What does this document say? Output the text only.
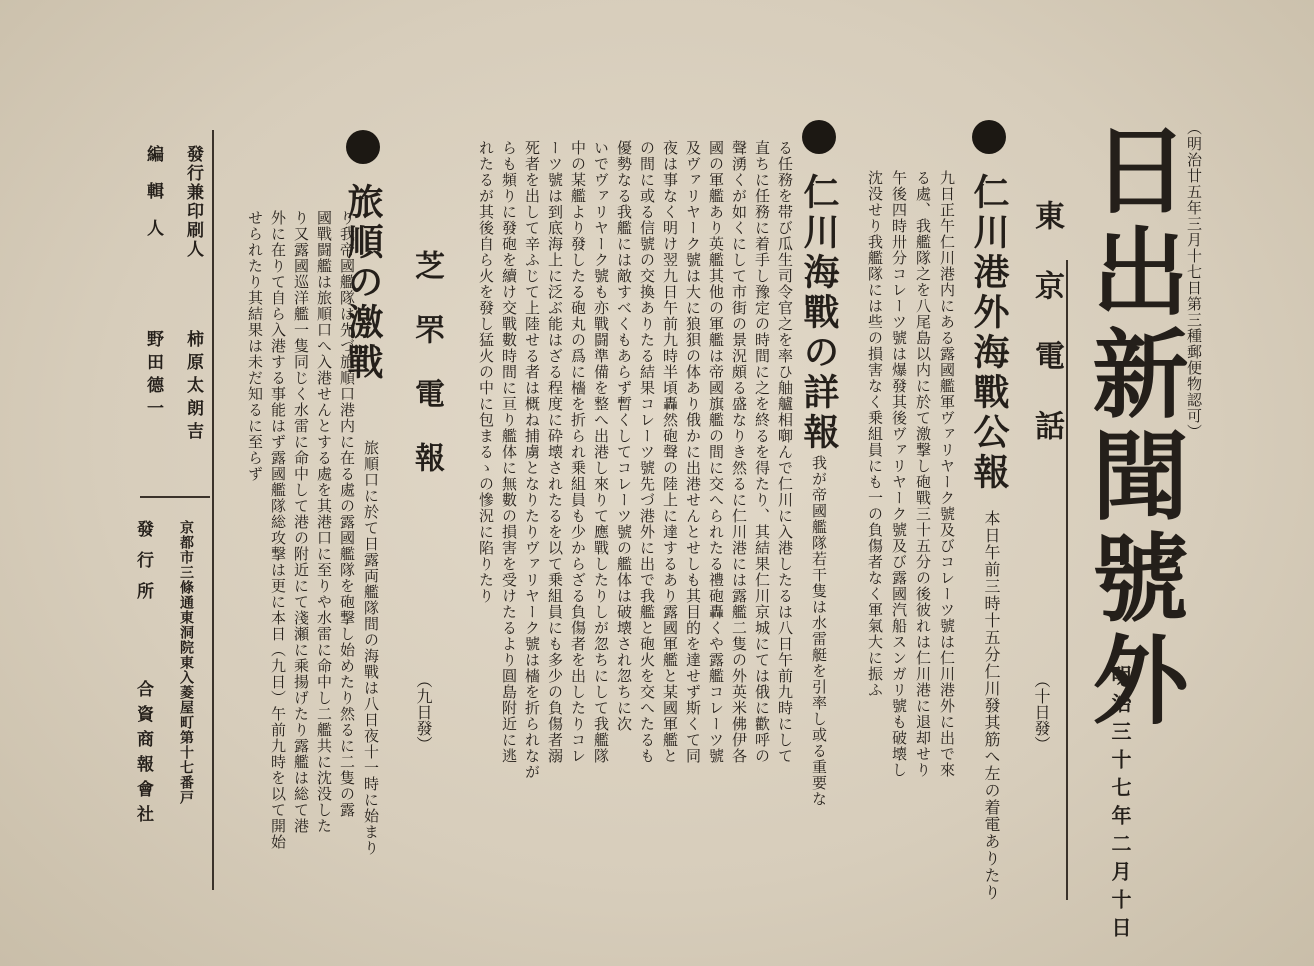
（明治廿五年三月十七日第三種郵便物認可）
日出新聞號外
明治三十七年二月十日
東京電話
（十日發）
仁川港外海戰公報
本日午前三時十五分仁川發其筋へ左の着電ありたり
九日正午仁川港内にある露國艦軍ヴァリヤーク號及びコレーツ號は仁川港外に出で來
る處、我艦隊之を八尾島以内に於て激撃し砲戰三十五分の後彼れは仁川港に退却せり
午後四時卅分コレーツ號は爆發其後ヴァリヤーク號及び露國汽船スンガリ號も破壊し
沈没せり我艦隊には些の損害なく乗組員にも一の負傷者なく軍氣大に振ふ
仁川海戰の詳報
我が帝國艦隊若干隻は水雷艇を引率し或る重要な
る任務を帯び瓜生司令官之を率ひ舳艫相啣んで仁川に入港したるは八日午前九時にして
直ちに任務に着手し豫定の時間に之を終るを得たり、其結果仁川京城にては俄に歡呼の
聲湧くが如くにして市街の景況頗る盛なりき然るに仁川港には露艦二隻の外英米佛伊各
國の軍艦あり英艦其他の軍艦は帝國旗艦の間に交へられたる禮砲轟くや露艦コレーツ號
及ヴァリヤーク號は大に狼狽の体あり俄かに出港せんとせしも其目的を達せず斯くて同
夜は事なく明け翌九日午前九時半頃轟然砲聲の陸上に達するあり露國軍艦と某國軍艦と
の間に或る信號の交換ありたる結果コレーツ號先づ港外に出で我艦と砲火を交へたるも
優勢なる我艦には敵すべくもあらず暫くしてコレーツ號の艦体は破壊され忽ちに次
いでヴァリヤーク號も亦戰闘準備を整へ出港し來りて應戰したりしが忽ちにして我艦隊
中の某艦より發したる砲丸の爲に檣を折られ乗組員も少からざる負傷者を出したりコレ
ーツ號は到底海上に泛ぶ能はざる程度に砕壊されたるを以て乗組員にも多少の負傷者溺
死者を出して辛ふじて上陸せる者は概ね捕虜となりたりヴァリヤーク號は檣を折られなが
らも頻りに發砲を續け交戰數時間に亘り艦体に無數の損害を受けたるより圓島附近に逃
れたるが其後自ら火を發し猛火の中に包まるゝの慘況に陷りたり
芝罘電報
（九日發）
旅順の激戰
旅順口に於て日露両艦隊間の海戰は八日夜十一時に始まり
り我帝國艦隊は先づ旅順口港内に在る處の露國艦隊を砲撃し始めたり然るに二隻の露
國戰闘艦は旅順口へ入港せんとする處を其港口に至りや水雷に命中し二艦共に沈没した
り又露國巡洋艦一隻同じく水雷に命中して港の附近にて淺瀬に乘揚げたり露艦は総て港
外に在りて自ら入港する事能はず露國艦隊総攻撃は更に本日（九日）午前九時を以て開始
せられたり其結果は未だ知るに至らず
發行兼印刷人
柿原太朗吉
編輯人
野田德一
京都市三條通東洞院東入菱屋町第十七番戸
發行所
合資商報會社
